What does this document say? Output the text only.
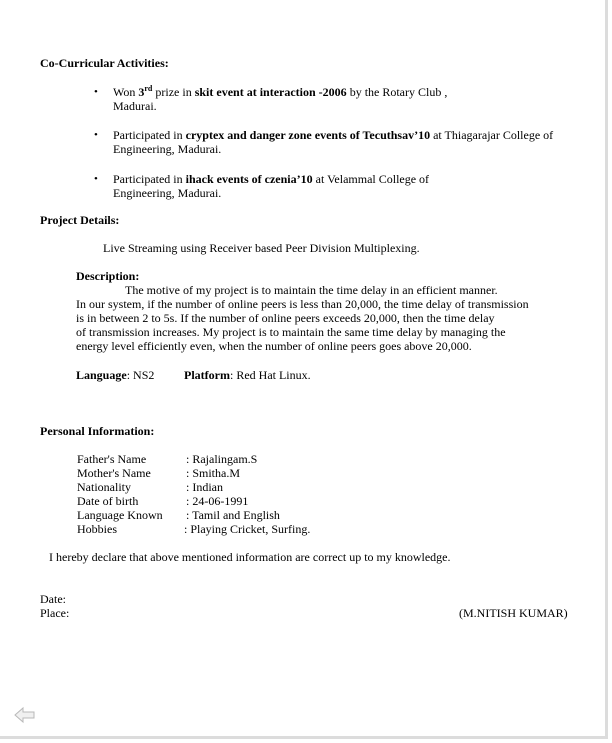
Co-Curricular Activities:
• Won 3rd prize in skit event at interaction -2006 by the Rotary Club ,
Madurai.
• Participated in cryptex and danger zone events of Tecuthsav’10 at Thiagarajar College of
Engineering, Madurai.
• Participated in ihack events of czenia’10 at Velammal College of
Engineering, Madurai.
Project Details:
Live Streaming using Receiver based Peer Division Multiplexing.
Description:
The motive of my project is to maintain the time delay in an efficient manner.
In our system, if the number of online peers is less than 20,000, the time delay of transmission
is in between 2 to 5s. If the number of online peers exceeds 20,000, then the time delay
of transmission increases. My project is to maintain the same time delay by managing the
energy level efficiently even, when the number of online peers goes above 20,000.
Language: NS2 Platform: Red Hat Linux.
Personal Information:
Father's Name	: Rajalingam.S
Mother's Name	: Smitha.M
Nationality	: Indian
Date of birth	: 24-06-1991
Language Known : Tamil and English
Hobbies	: Playing Cricket, Surfing.
I hereby declare that above mentioned information are correct up to my knowledge.
Date:
Place:	(M.NITISH KUMAR)
